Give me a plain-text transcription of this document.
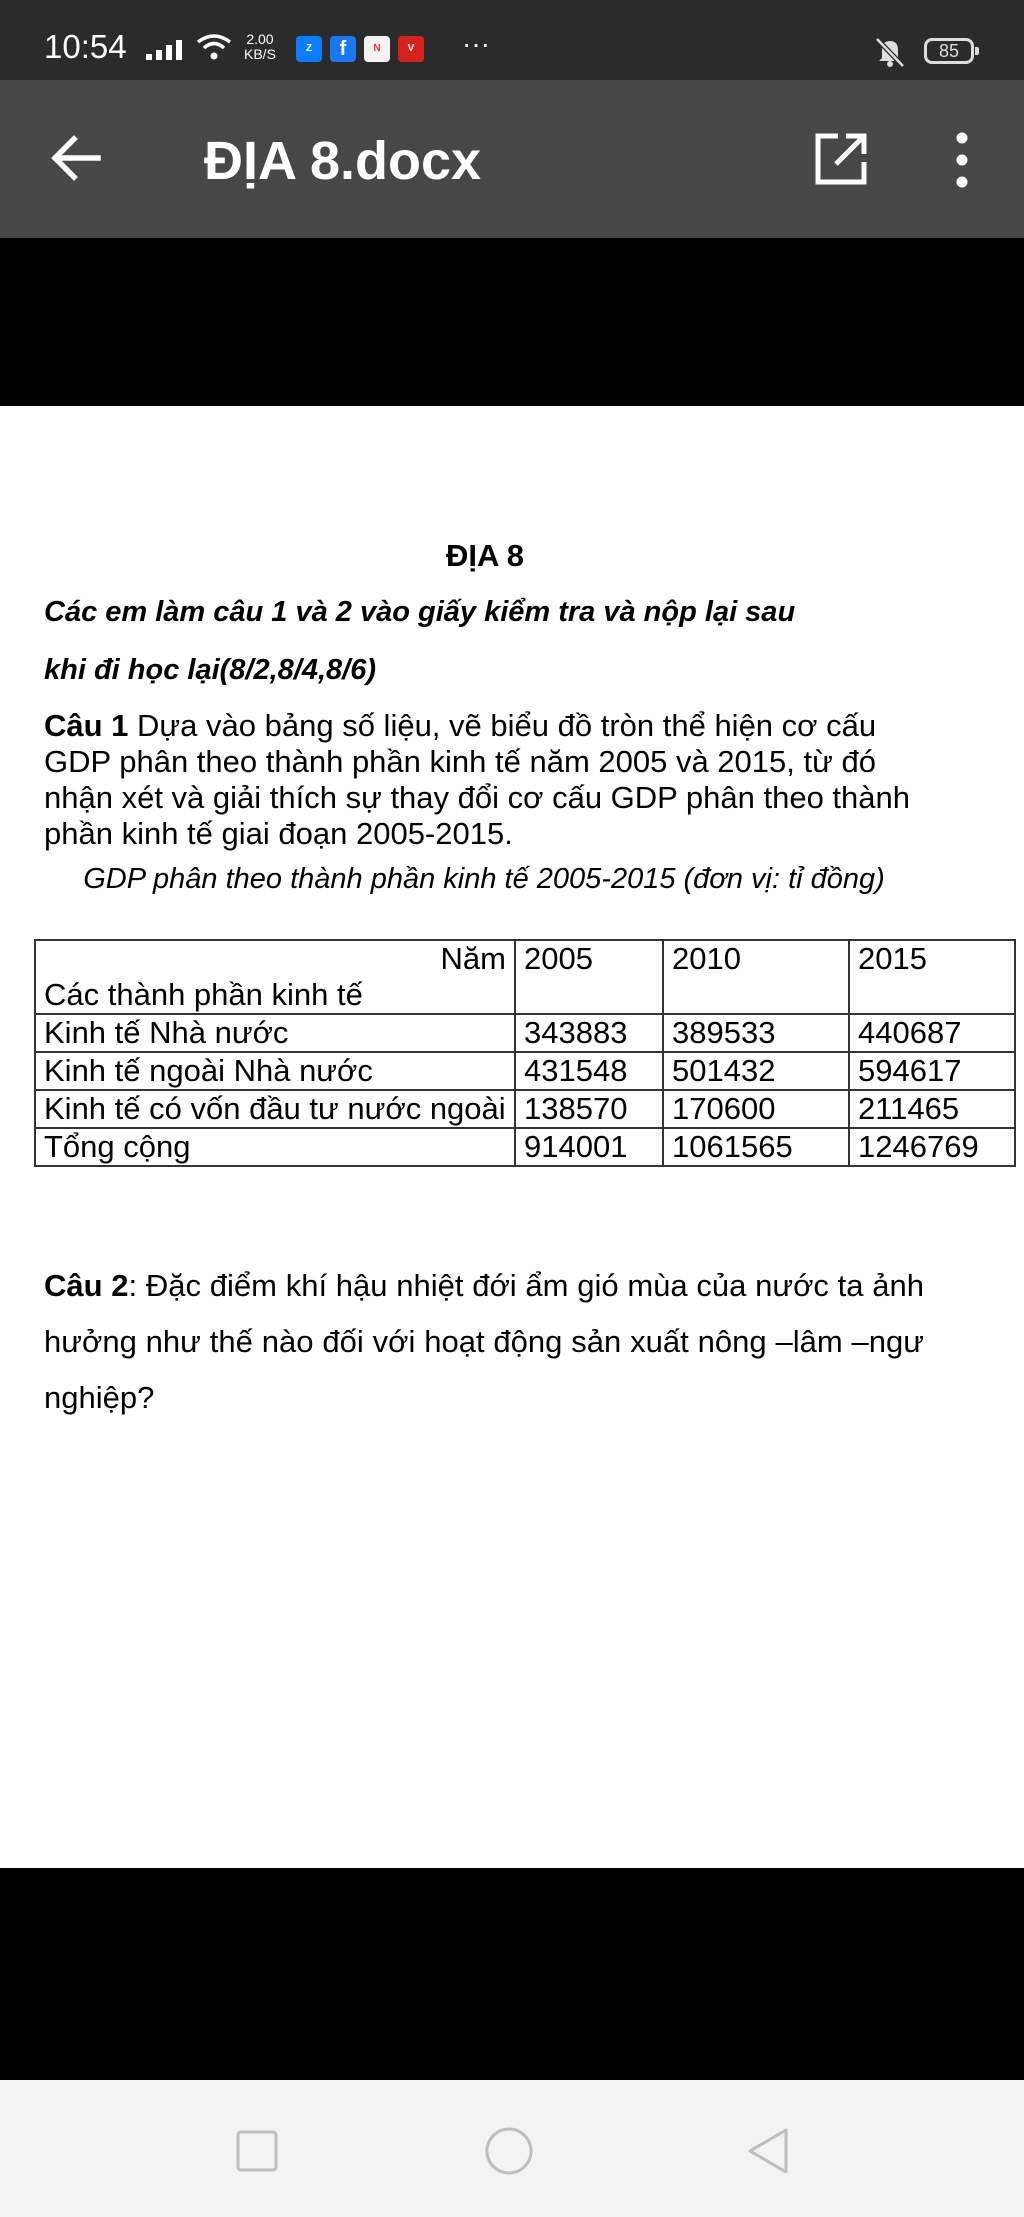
10:54	2.00
KB/S	Z	f	N	V	···	85
ĐỊA 8.docx
ĐỊA 8
Các em làm câu 1 và 2 vào giấy kiểm tra và nộp lại sau
khi đi học lại(8/2,8/4,8/6)
Câu 1 Dựa vào bảng số liệu, vẽ biểu đồ tròn thể hiện cơ cấu GDP phân theo thành phần kinh tế năm 2005 và 2015, từ đó nhận xét và giải thích sự thay đổi cơ cấu GDP phân theo thành phần kinh tế giai đoạn 2005-2015.
GDP phân theo thành phần kinh tế 2005-2015 (đơn vị: tỉ đồng)
Năm
Các thành phần kinh tế	2005	2010	2015
Kinh tế Nhà nước	343883	389533	440687
Kinh tế ngoài Nhà nước	431548	501432	594617
Kinh tế có vốn đầu tư nước ngoài	138570	170600	211465
Tổng cộng	914001	1061565	1246769
Câu 2: Đặc điểm khí hậu nhiệt đới ẩm gió mùa của nước ta ảnh hưởng như thế nào đối với hoạt động sản xuất nông –lâm –ngư nghiệp?
